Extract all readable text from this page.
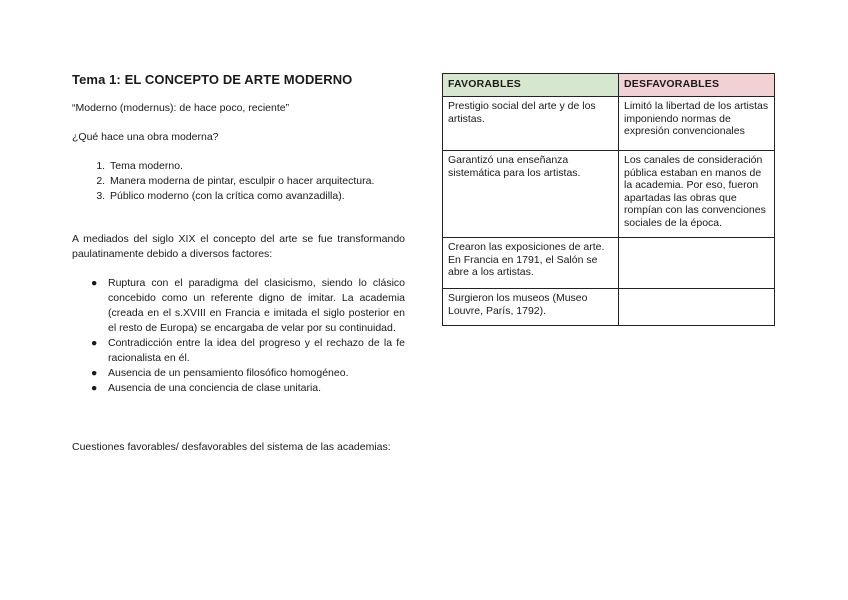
Tema 1: EL CONCEPTO DE ARTE MODERNO

“Moderno (modernus): de hace poco, reciente”

¿Qué hace una obra moderna?

1. Tema moderno.
2. Manera moderna de pintar, esculpir o hacer arquitectura.
3. Público moderno (con la crítica como avanzadilla).

A mediados del siglo XIX el concepto del arte se fue transformando paulatinamente debido a diversos factores:

● Ruptura con el paradigma del clasicismo, siendo lo clásico concebido como un referente digno de imitar. La academia (creada en el s.XVIII en Francia e imitada el siglo posterior en el resto de Europa) se encargaba de velar por su continuidad.
● Contradicción entre la idea del progreso y el rechazo de la fe racionalista en él.
● Ausencia de un pensamiento filosófico homogéneo.
● Ausencia de una conciencia de clase unitaria.

Cuestiones favorables/ desfavorables del sistema de las academias:

FAVORABLES	DESFAVORABLES
Prestigio social del arte y de los artistas.	Limitó la libertad de los artistas imponiendo normas de expresión convencionales
Garantizó una enseñanza sistemática para los artistas.	Los canales de consideración pública estaban en manos de la academia. Por eso, fueron apartadas las obras que rompían con las convenciones sociales de la época.
Crearon las exposiciones de arte. En Francia en 1791, el Salón se abre a los artistas.	
Surgieron los museos (Museo Louvre, París, 1792).	
